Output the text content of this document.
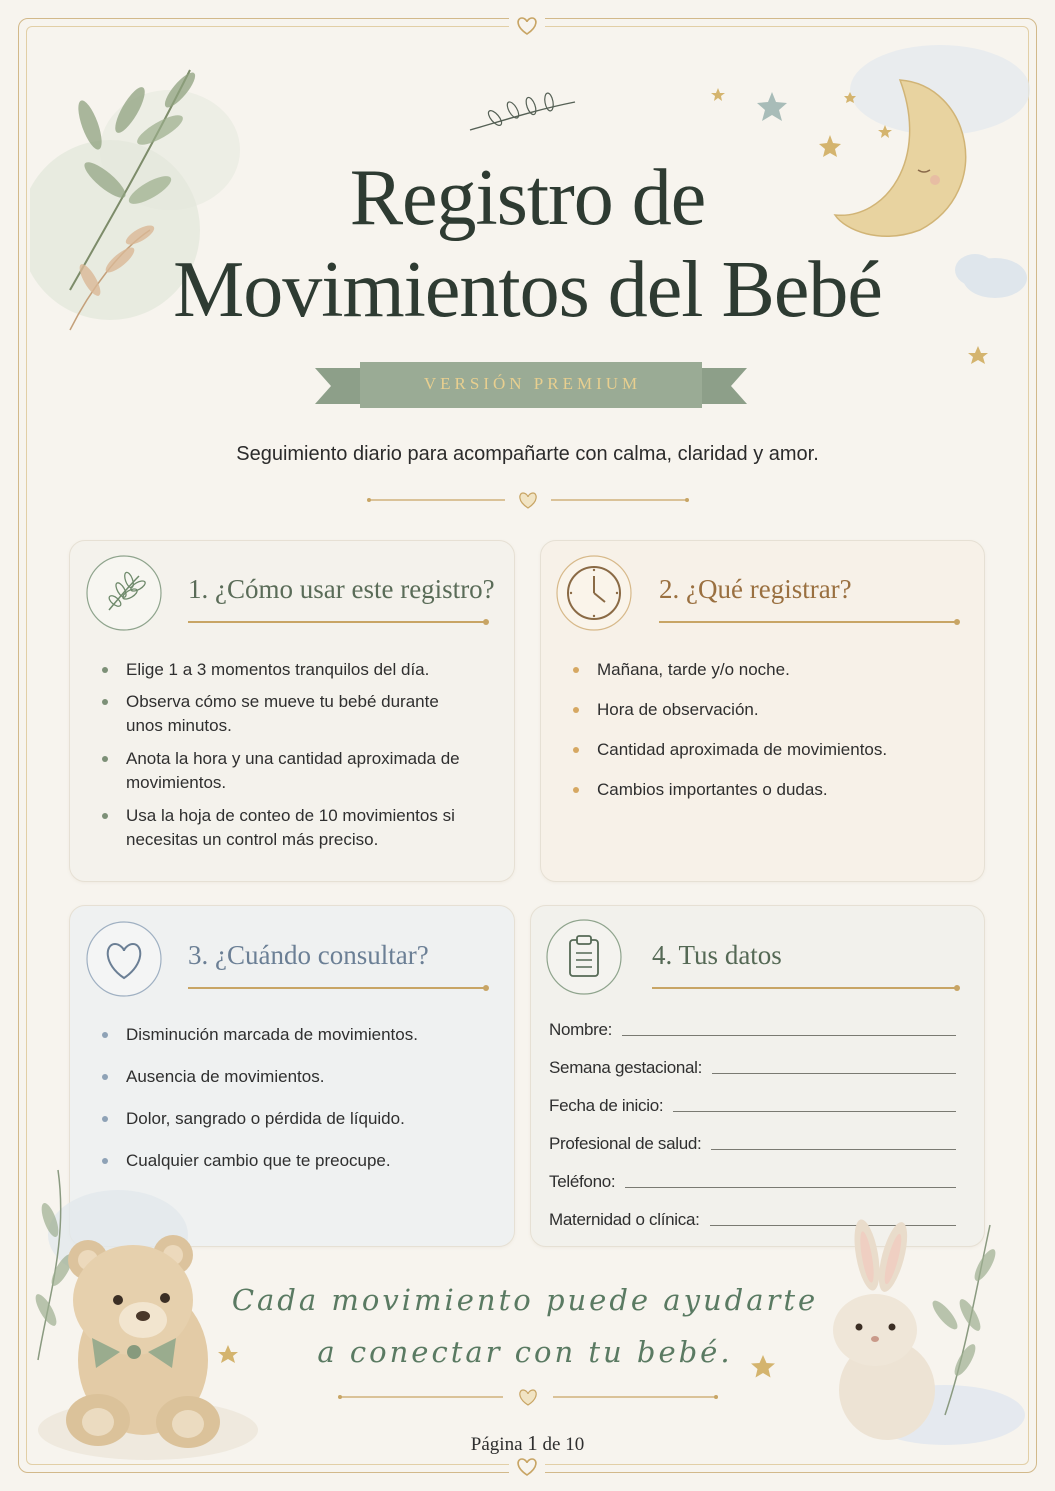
Registro de
Movimientos del Bebé
VERSIÓN PREMIUM
Seguimiento diario para acompañarte con calma, claridad y amor.
1. ¿Cómo usar este registro?
Elige 1 a 3 momentos tranquilos del día.
Observa cómo se mueve tu bebé durante unos minutos.
Anota la hora y una cantidad aproximada de movimientos.
Usa la hoja de conteo de 10 movimientos si necesitas un control más preciso.
2. ¿Qué registrar?
Mañana, tarde y/o noche.
Hora de observación.
Cantidad aproximada de movimientos.
Cambios importantes o dudas.
3. ¿Cuándo consultar?
Disminución marcada de movimientos.
Ausencia de movimientos.
Dolor, sangrado o pérdida de líquido.
Cualquier cambio que te preocupe.
4. Tus datos
Nombre:
Semana gestacional:
Fecha de inicio:
Profesional de salud:
Teléfono:
Maternidad o clínica:
Cada movimiento puede ayudarte
a conectar con tu bebé.
Página 1 de 10
